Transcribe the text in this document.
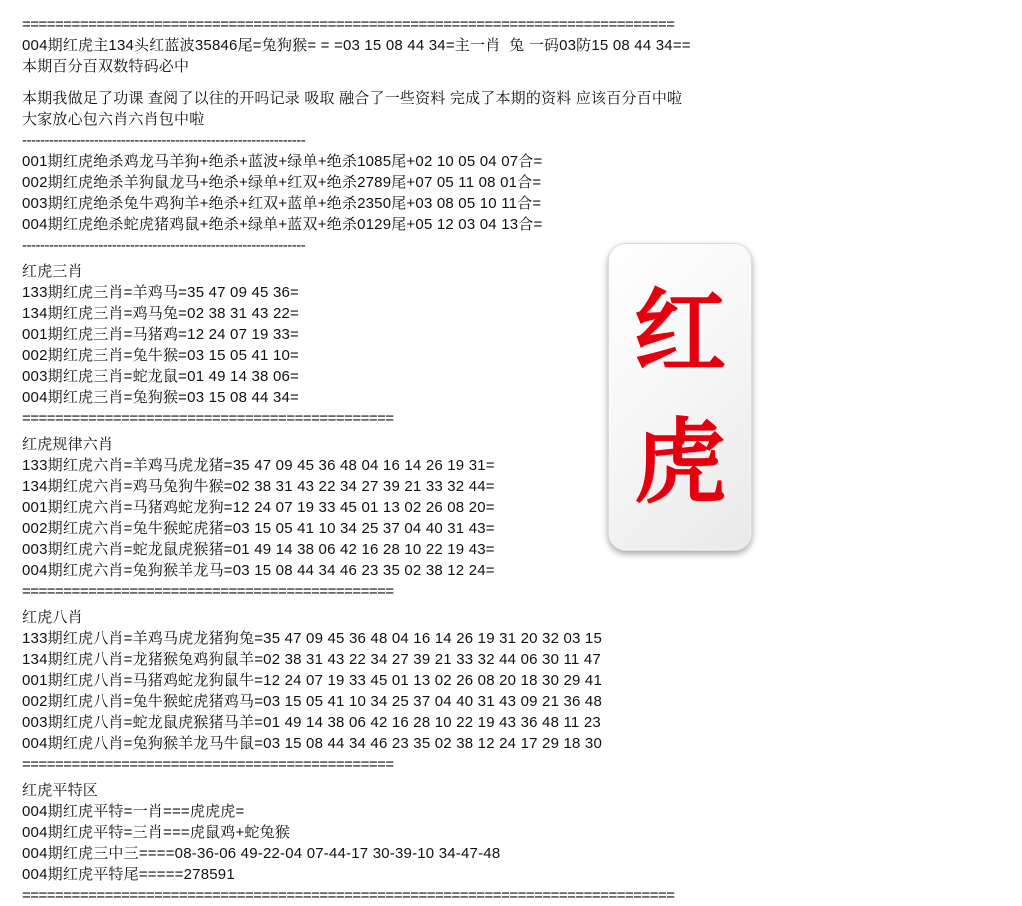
===============================================================================
004期红虎主134头红蓝波35846尾=兔狗猴= = =03 15 08 44 34=主一肖  兔 一码03防15 08 44 34==
本期百分百双数特码必中
本期我做足了功课 查阅了以往的开吗记录 吸取 融合了一些资料 完成了本期的资料 应该百分百中啦
大家放心包六肖六肖包中啦
---------------------------------------------------------------
001期红虎绝杀鸡龙马羊狗+绝杀+蓝波+绿单+绝杀1085尾+02 10 05 04 07合=
002期红虎绝杀羊狗鼠龙马+绝杀+绿单+红双+绝杀2789尾+07 05 11 08 01合=
003期红虎绝杀兔牛鸡狗羊+绝杀+红双+蓝单+绝杀2350尾+03 08 05 10 11合=
004期红虎绝杀蛇虎猪鸡鼠+绝杀+绿单+蓝双+绝杀0129尾+05 12 03 04 13合=
---------------------------------------------------------------
红虎三肖
133期红虎三肖=羊鸡马=35 47 09 45 36=
134期红虎三肖=鸡马兔=02 38 31 43 22=
001期红虎三肖=马猪鸡=12 24 07 19 33=
002期红虎三肖=兔牛猴=03 15 05 41 10=
003期红虎三肖=蛇龙鼠=01 49 14 38 06=
004期红虎三肖=兔狗猴=03 15 08 44 34=
=============================================
红虎规律六肖
133期红虎六肖=羊鸡马虎龙猪=35 47 09 45 36 48 04 16 14 26 19 31=
134期红虎六肖=鸡马兔狗牛猴=02 38 31 43 22 34 27 39 21 33 32 44=
001期红虎六肖=马猪鸡蛇龙狗=12 24 07 19 33 45 01 13 02 26 08 20=
002期红虎六肖=兔牛猴蛇虎猪=03 15 05 41 10 34 25 37 04 40 31 43=
003期红虎六肖=蛇龙鼠虎猴猪=01 49 14 38 06 42 16 28 10 22 19 43=
004期红虎六肖=兔狗猴羊龙马=03 15 08 44 34 46 23 35 02 38 12 24=
=============================================
红虎八肖
133期红虎八肖=羊鸡马虎龙猪狗兔=35 47 09 45 36 48 04 16 14 26 19 31 20 32 03 15
134期红虎八肖=龙猪猴兔鸡狗鼠羊=02 38 31 43 22 34 27 39 21 33 32 44 06 30 11 47
001期红虎八肖=马猪鸡蛇龙狗鼠牛=12 24 07 19 33 45 01 13 02 26 08 20 18 30 29 41
002期红虎八肖=兔牛猴蛇虎猪鸡马=03 15 05 41 10 34 25 37 04 40 31 43 09 21 36 48
003期红虎八肖=蛇龙鼠虎猴猪马羊=01 49 14 38 06 42 16 28 10 22 19 43 36 48 11 23
004期红虎八肖=兔狗猴羊龙马牛鼠=03 15 08 44 34 46 23 35 02 38 12 24 17 29 18 30
=============================================
红虎平特区
004期红虎平特=一肖===虎虎虎=
004期红虎平特=三肖===虎鼠鸡+蛇兔猴
004期红虎三中三====08-36-06 49-22-04 07-44-17 30-39-10 34-47-48
004期红虎平特尾=====278591
===============================================================================
红
虎
